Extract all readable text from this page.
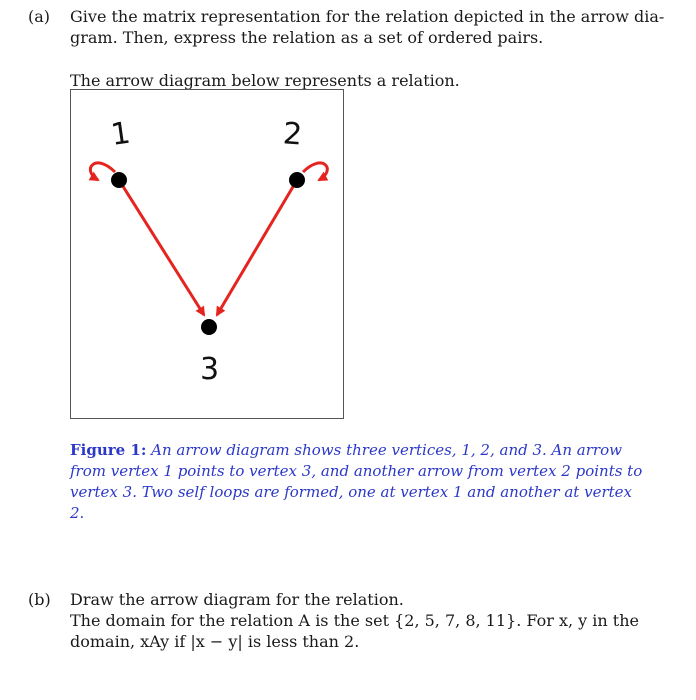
(a)	Give the matrix representation for the relation depicted in the arrow dia-
gram. Then, express the relation as a set of ordered pairs.
The arrow diagram below represents a relation.
1	2
3
Figure 1: An arrow diagram shows three vertices, 1, 2, and 3. An arrow
from vertex 1 points to vertex 3, and another arrow from vertex 2 points to
vertex 3. Two self loops are formed, one at vertex 1 and another at vertex
2.
(b)	Draw the arrow diagram for the relation.
The domain for the relation A is the set {2, 5, 7, 8, 11}. For x, y in the
domain, xAy if |x − y| is less than 2.
